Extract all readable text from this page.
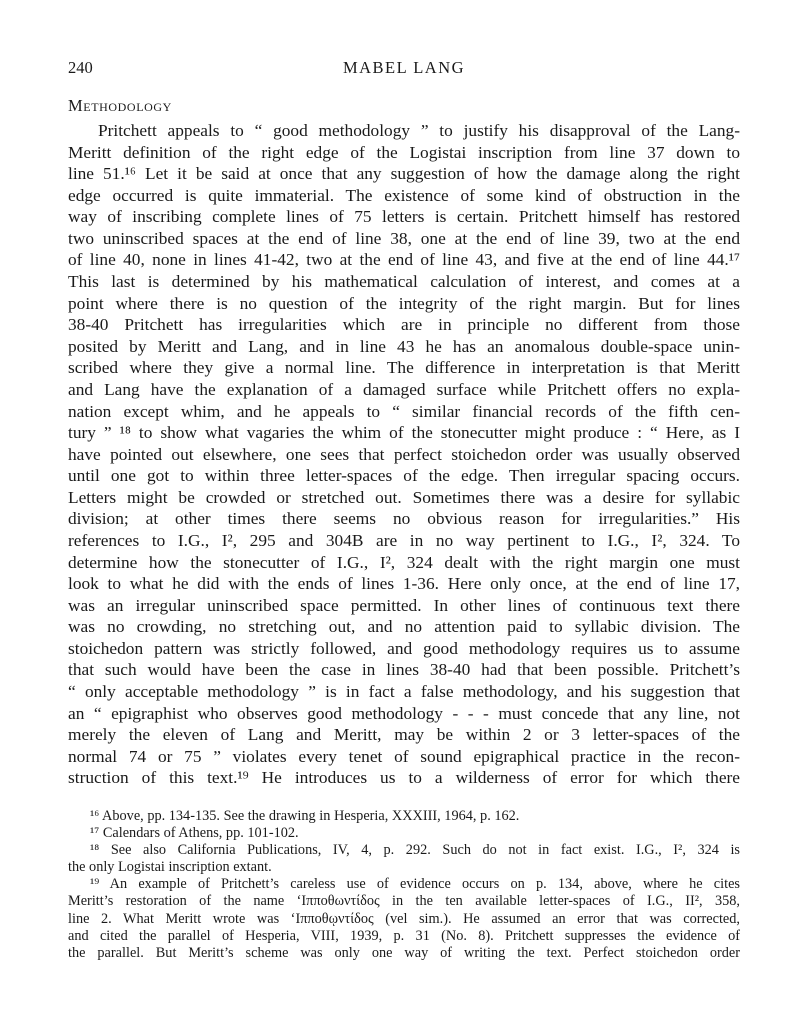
240	MABEL LANG
Methodology
Pritchett appeals to “ good methodology ” to justify his disapproval of the Lang-
Meritt definition of the right edge of the Logistai inscription from line 37 down to
line 51.¹⁶ Let it be said at once that any suggestion of how the damage along the right
edge occurred is quite immaterial. The existence of some kind of obstruction in the
way of inscribing complete lines of 75 letters is certain. Pritchett himself has restored
two uninscribed spaces at the end of line 38, one at the end of line 39, two at the end
of line 40, none in lines 41-42, two at the end of line 43, and five at the end of line 44.¹⁷
This last is determined by his mathematical calculation of interest, and comes at a
point where there is no question of the integrity of the right margin. But for lines
38-40 Pritchett has irregularities which are in principle no different from those
posited by Meritt and Lang, and in line 43 he has an anomalous double-space unin-
scribed where they give a normal line. The difference in interpretation is that Meritt
and Lang have the explanation of a damaged surface while Pritchett offers no expla-
nation except whim, and he appeals to “ similar financial records of the fifth cen-
tury ” ¹⁸ to show what vagaries the whim of the stonecutter might produce : “ Here, as I
have pointed out elsewhere, one sees that perfect stoichedon order was usually observed
until one got to within three letter-spaces of the edge. Then irregular spacing occurs.
Letters might be crowded or stretched out. Sometimes there was a desire for syllabic
division; at other times there seems no obvious reason for irregularities.” His
references to I.G., I², 295 and 304B are in no way pertinent to I.G., I², 324. To
determine how the stonecutter of I.G., I², 324 dealt with the right margin one must
look to what he did with the ends of lines 1-36. Here only once, at the end of line 17,
was an irregular uninscribed space permitted. In other lines of continuous text there
was no crowding, no stretching out, and no attention paid to syllabic division. The
stoichedon pattern was strictly followed, and good methodology requires us to assume
that such would have been the case in lines 38-40 had that been possible. Pritchett’s
“ only acceptable methodology ” is in fact a false methodology, and his suggestion that
an “ epigraphist who observes good methodology - - - must concede that any line, not
merely the eleven of Lang and Meritt, may be within 2 or 3 letter-spaces of the
normal 74 or 75 ” violates every tenet of sound epigraphical practice in the recon-
struction of this text.¹⁹ He introduces us to a wilderness of error for which there
¹⁶ Above, pp. 134-135. See the drawing in Hesperia, XXXIII, 1964, p. 162.
¹⁷ Calendars of Athens, pp. 101-102.
¹⁸ See also California Publications, IV, 4, p. 292. Such do not in fact exist. I.G., I², 324 is
the only Logistai inscription extant.
¹⁹ An example of Pritchett’s careless use of evidence occurs on p. 134, above, where he cites
Meritt’s restoration of the name ‘Ιπποθωντίδος in the ten available letter-spaces of I.G., II², 358,
line 2. What Meritt wrote was ‘Ιπποθῳντίδος (vel sim.). He assumed an error that was corrected,
and cited the parallel of Hesperia, VIII, 1939, p. 31 (No. 8). Pritchett suppresses the evidence of
the parallel. But Meritt’s scheme was only one way of writing the text. Perfect stoichedon order
